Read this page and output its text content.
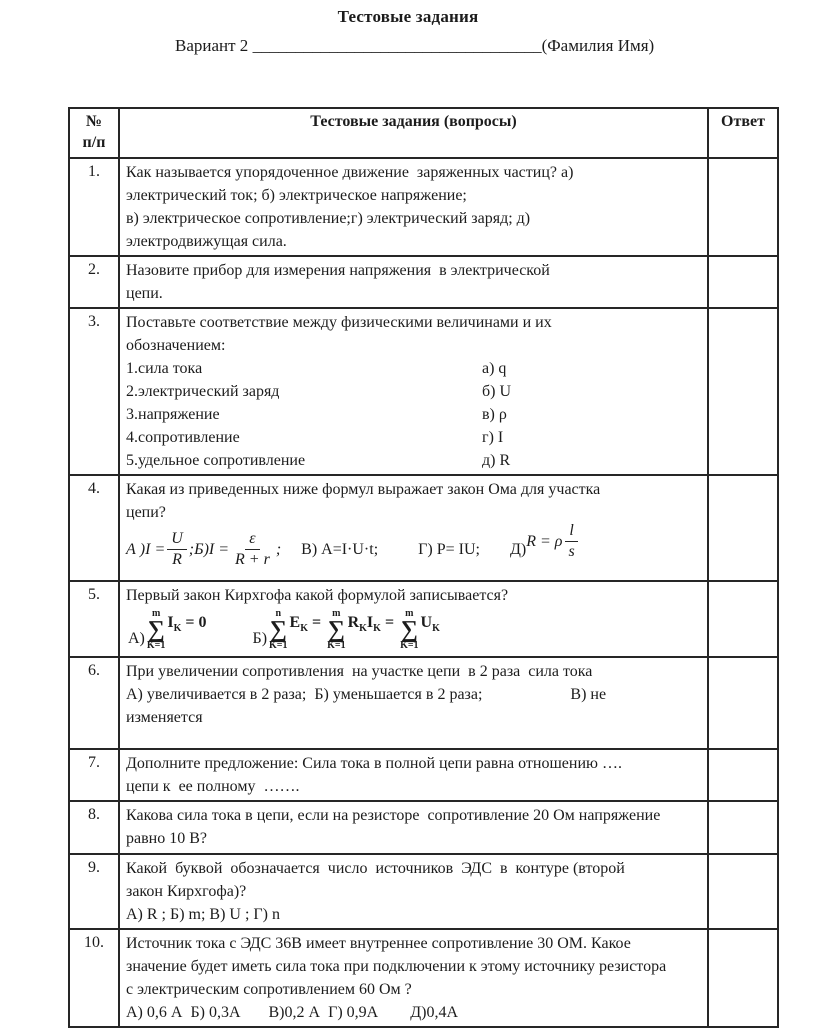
Тестовые задания
Вариант 2 __________________________________(Фамилия Имя)
№
п/п	Тестовые задания (вопросы)	Ответ
1.	Как называется упорядоченное движение  заряженных частиц? а)
электрический ток; б) электрическое напряжение;
в) электрическое сопротивление;г) электрический заряд; д)
электродвижущая сила.	

2.	Назовите прибор для измерения напряжения  в электрической
цепи.	

3.	Поставьте соответствие между физическими величинами и их
обозначением:
1.сила тока	а) q
2.электрический заряд	б) U
3.напряжение	в) ρ
4.сопротивление	г) I
5.удельное сопротивление	д) R

4.	Какая из приведенных ниже формул выражает закон Ома для участка
цепи?
А ) $I = \frac{U}{R}$ ; Б) $I = \frac{\varepsilon}{R + r}$ ; В) A=I·U·t;	Г) P= IU; Д) R = ρ $\frac{l}{s}$

5.	Первый закон Кирхгофа какой формулой записывается?
А)
m
∑
K=1
$I_K = 0$
Б)
n
∑
K=1
$E_K$ =
m
∑
K=1
$R_KI_K$ =
m
∑
K=1
$U_K$

6.	При увеличении сопротивления  на участке цепи  в 2 раза  сила тока
А) увеличивается в 2 раза;  Б) уменьшается в 2 раза;                      В) не
изменяется	

7.	Дополните предложение: Сила тока в полной цепи равна отношению ….
цепи к  ее полному  …….	

8.	Какова сила тока в цепи, если на резисторе  сопротивление 20 Ом напряжение
равно 10 В?	

9.	Какой  буквой  обозначается  число  источников  ЭДС  в  контуре (второй
закон Кирхгофа)?
А) R ; Б) m; В) U ; Г) n	

10.	Источник тока с ЭДС 36В имеет внутреннее сопротивление 30 ОМ. Какое
значение будет иметь сила тока при подключении к этому источнику резистора
с электрическим сопротивлением 60 Ом ?
А) 0,6 А  Б) 0,3А       В)0,2 А  Г) 0,9А        Д)0,4А	
